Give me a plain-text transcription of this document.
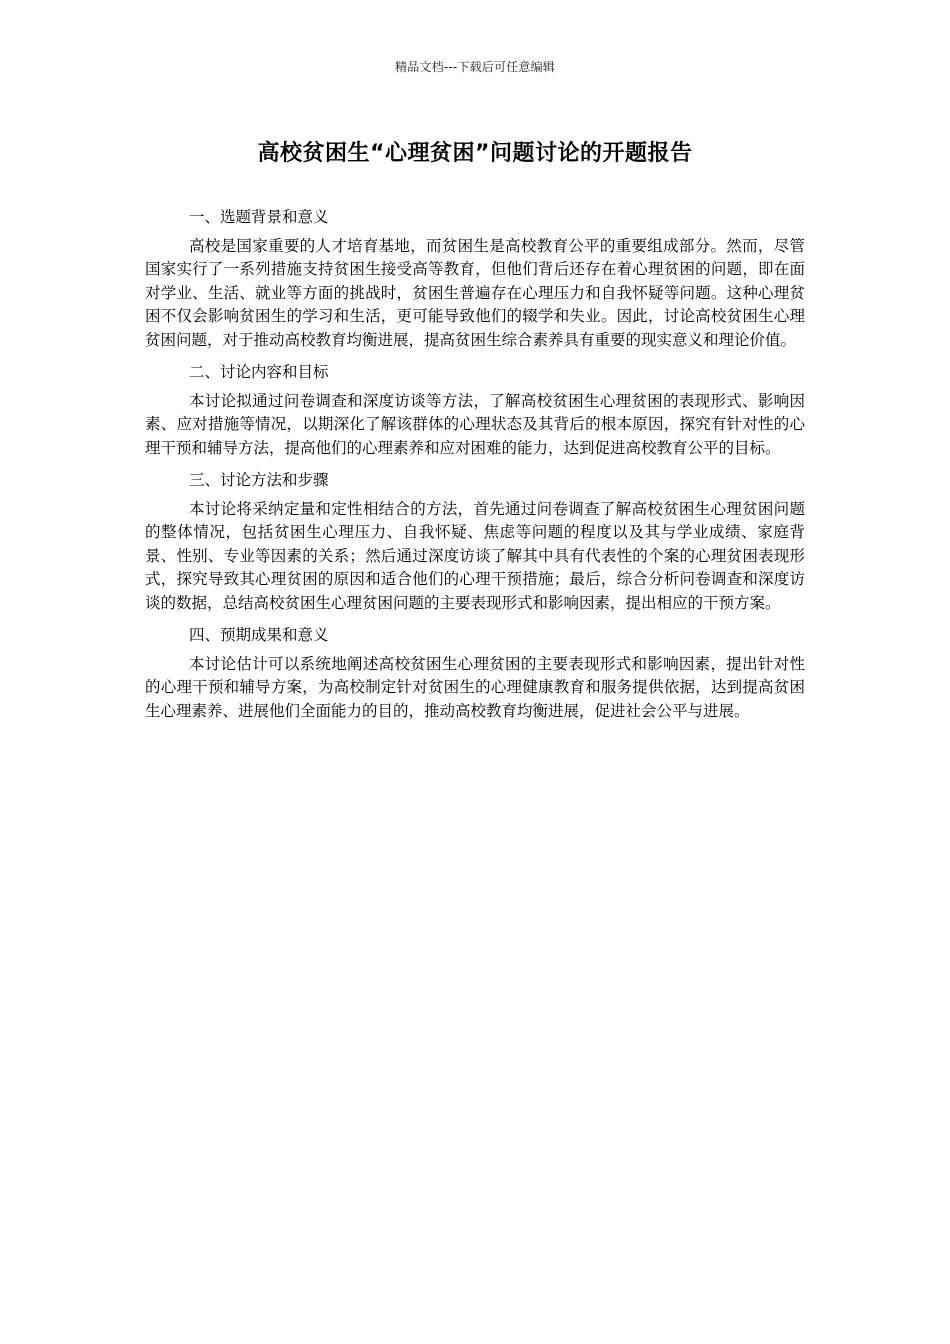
精品文档---下载后可任意编辑
高校贫困生“心理贫困”问题讨论的开题报告

一、选题背景和意义

高校是国家重要的人才培育基地，而贫困生是高校教育公平的重要组成部分。然而，尽管国家实行了一系列措施支持贫困生接受高等教育，但他们背后还存在着心理贫困的问题，即在面对学业、生活、就业等方面的挑战时，贫困生普遍存在心理压力和自我怀疑等问题。这种心理贫困不仅会影响贫困生的学习和生活，更可能导致他们的辍学和失业。因此，讨论高校贫困生心理贫困问题，对于推动高校教育均衡进展，提高贫困生综合素养具有重要的现实意义和理论价值。

二、讨论内容和目标

本讨论拟通过问卷调查和深度访谈等方法，了解高校贫困生心理贫困的表现形式、影响因素、应对措施等情况，以期深化了解该群体的心理状态及其背后的根本原因，探究有针对性的心理干预和辅导方法，提高他们的心理素养和应对困难的能力，达到促进高校教育公平的目标。

三、讨论方法和步骤

本讨论将采纳定量和定性相结合的方法，首先通过问卷调查了解高校贫困生心理贫困问题的整体情况，包括贫困生心理压力、自我怀疑、焦虑等问题的程度以及其与学业成绩、家庭背景、性别、专业等因素的关系；然后通过深度访谈了解其中具有代表性的个案的心理贫困表现形式，探究导致其心理贫困的原因和适合他们的心理干预措施；最后，综合分析问卷调查和深度访谈的数据，总结高校贫困生心理贫困问题的主要表现形式和影响因素，提出相应的干预方案。

四、预期成果和意义

本讨论估计可以系统地阐述高校贫困生心理贫困的主要表现形式和影响因素，提出针对性的心理干预和辅导方案，为高校制定针对贫困生的心理健康教育和服务提供依据，达到提高贫困生心理素养、进展他们全面能力的目的，推动高校教育均衡进展，促进社会公平与进展。
